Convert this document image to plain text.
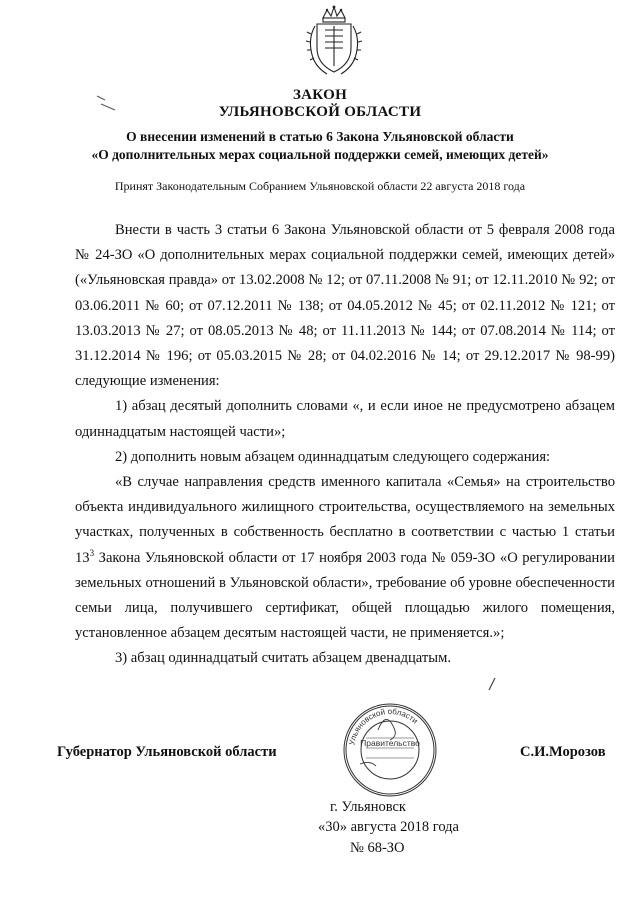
ЗАКОН
УЛЬЯНОВСКОЙ ОБЛАСТИ
О внесении изменений в статью 6 Закона Ульяновской области
«О дополнительных мерах социальной поддержки семей, имеющих детей»
Принят Законодательным Собранием Ульяновской области 22 августа 2018 года

Внести в часть 3 статьи 6 Закона Ульяновской области от 5 февраля 2008 года № 24-ЗО «О дополнительных мерах социальной поддержки семей, имеющих детей» («Ульяновская правда» от 13.02.2008 № 12; от 07.11.2008 № 91; от 12.11.2010 № 92; от 03.06.2011 № 60; от 07.12.2011 № 138; от 04.05.2012 № 45; от 02.11.2012 № 121; от 13.03.2013 № 27; от 08.05.2013 № 48; от 11.11.2013 № 144; от 07.08.2014 № 114; от 31.12.2014 № 196; от 05.03.2015 № 28; от 04.02.2016 № 14; от 29.12.2017 № 98-99) следующие изменения:

1) абзац десятый дополнить словами «, и если иное не предусмотрено абзацем одиннадцатым настоящей части»;

2) дополнить новым абзацем одиннадцатым следующего содержания:

«В случае направления средств именного капитала «Семья» на строительство объекта индивидуального жилищного строительства, осуществляемого на земельных участках, полученных в собственность бесплатно в соответствии с частью 1 статьи $13^3$ Закона Ульяновской области от 17 ноября 2003 года № 059-ЗО «О регулировании земельных отношений в Ульяновской области», требование об уровне обеспеченности семьи лица, получившего сертификат, общей площадью жилого помещения, установленное абзацем десятым настоящей части, не применяется.»;

3) абзац одиннадцатый считать абзацем двенадцатым.

Губернатор Ульяновской области	С.И.Морозов
Ульяновской области
Правительство
г. Ульяновск
«30» августа 2018 года
№ 68-ЗО
